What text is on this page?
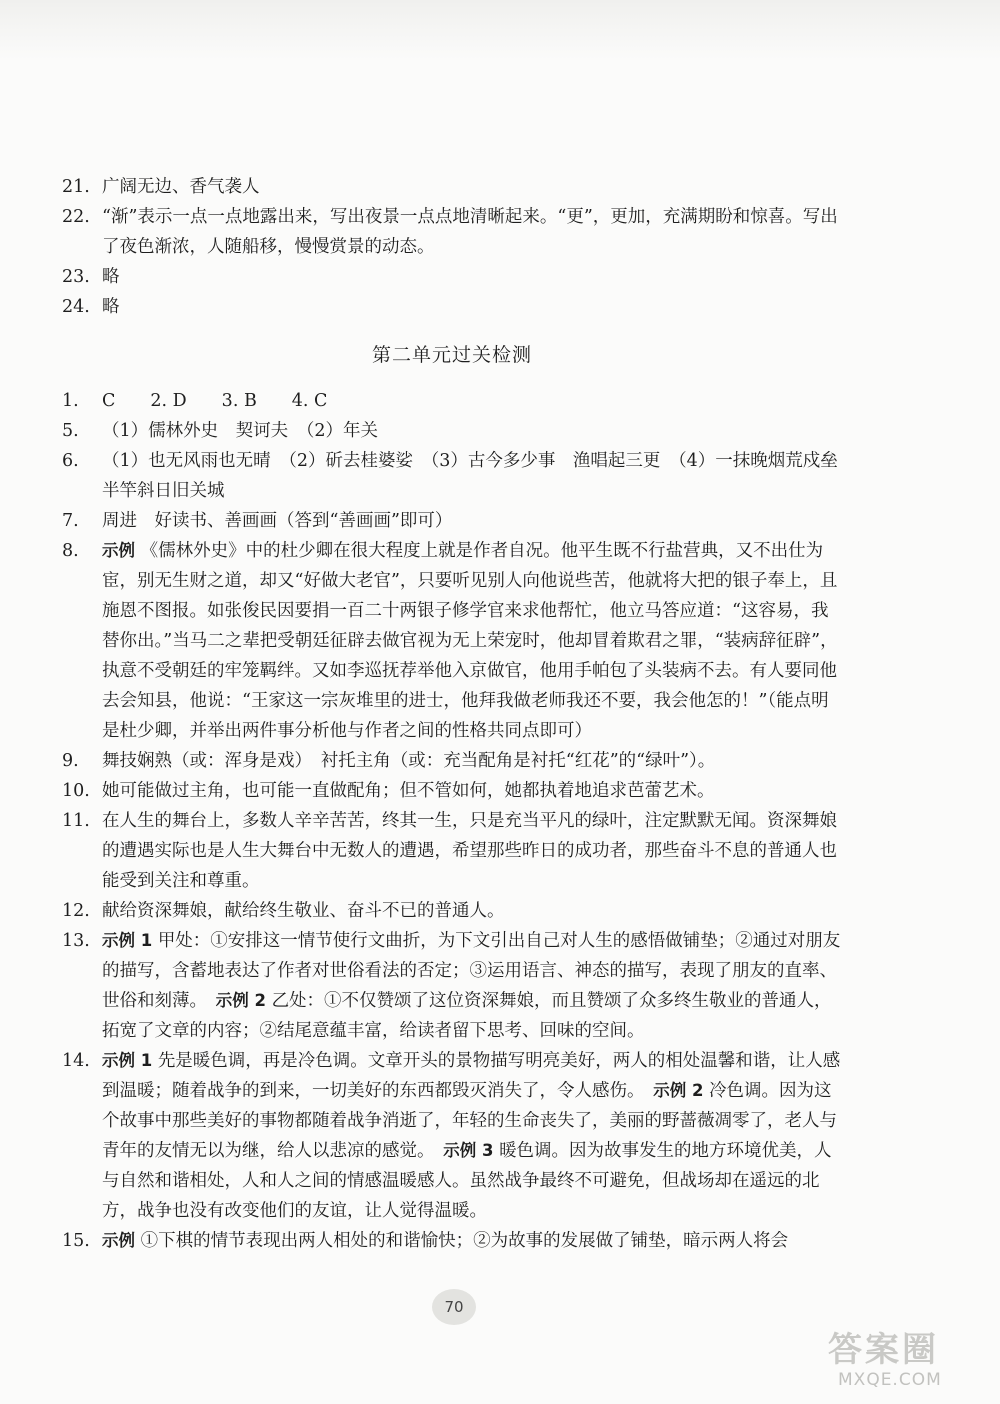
21. 广阔无边、香气袭人
22. “渐”表示一点一点地露出来，写出夜景一点点地清晰起来。“更”，更加，充满期盼和惊喜。写出了夜色渐浓，人随船移，慢慢赏景的动态。
23. 略
24. 略
第二单元过关检测
1. C　　2. D　　3. B　　4. C
5. （1）儒林外史　契诃夫　（2）年关
6. （1）也无风雨也无晴　（2）斫去桂婆娑　（3）古今多少事　渔唱起三更　（4）一抹晚烟荒戍垒　半竿斜日旧关城
7. 周进　好读书、善画画（答到“善画画”即可）
8. 示例 《儒林外史》中的杜少卿在很大程度上就是作者自况。他平生既不行盐营典，又不出仕为宦，别无生财之道，却又“好做大老官”，只要听见别人向他说些苦，他就将大把的银子奉上，且施恩不图报。如张俊民因要捐一百二十两银子修学官来求他帮忙，他立马答应道：“这容易，我替你出。”当马二之辈把受朝廷征辟去做官视为无上荣宠时，他却冒着欺君之罪，“装病辞征辟”，执意不受朝廷的牢笼羁绊。又如李巡抚荐举他入京做官，他用手帕包了头装病不去。有人要同他去会知县，他说：“王家这一宗灰堆里的进士，他拜我做老师我还不要，我会他怎的！”（能点明是杜少卿，并举出两件事分析他与作者之间的性格共同点即可）
9. 舞技娴熟（或：浑身是戏）　衬托主角（或：充当配角是衬托“红花”的“绿叶”）。
10. 她可能做过主角，也可能一直做配角；但不管如何，她都执着地追求芭蕾艺术。
11. 在人生的舞台上，多数人辛辛苦苦，终其一生，只是充当平凡的绿叶，注定默默无闻。资深舞娘的遭遇实际也是人生大舞台中无数人的遭遇，希望那些昨日的成功者，那些奋斗不息的普通人也能受到关注和尊重。
12. 献给资深舞娘，献给终生敬业、奋斗不已的普通人。
13. 示例 1 甲处：①安排这一情节使行文曲折，为下文引出自己对人生的感悟做铺垫；②通过对朋友的描写，含蓄地表达了作者对世俗看法的否定；③运用语言、神态的描写，表现了朋友的直率、世俗和刻薄。　 示例 2 乙处：①不仅赞颂了这位资深舞娘，而且赞颂了众多终生敬业的普通人，拓宽了文章的内容；②结尾意蕴丰富，给读者留下思考、回味的空间。
14. 示例 1 先是暖色调，再是冷色调。文章开头的景物描写明亮美好，两人的相处温馨和谐，让人感到温暖；随着战争的到来，一切美好的东西都毁灭消失了，令人感伤。　 示例 2 冷色调。因为这个故事中那些美好的事物都随着战争消逝了，年轻的生命丧失了，美丽的野蔷薇凋零了，老人与青年的友情无以为继，给人以悲凉的感觉。　 示例 3 暖色调。因为故事发生的地方环境优美，人与自然和谐相处，人和人之间的情感温暖感人。虽然战争最终不可避免，但战场却在遥远的北方，战争也没有改变他们的友谊，让人觉得温暖。
15. 示例 ①下棋的情节表现出两人相处的和谐愉快；②为故事的发展做了铺垫，暗示两人将会
70
答案圈
MXQE.COM
